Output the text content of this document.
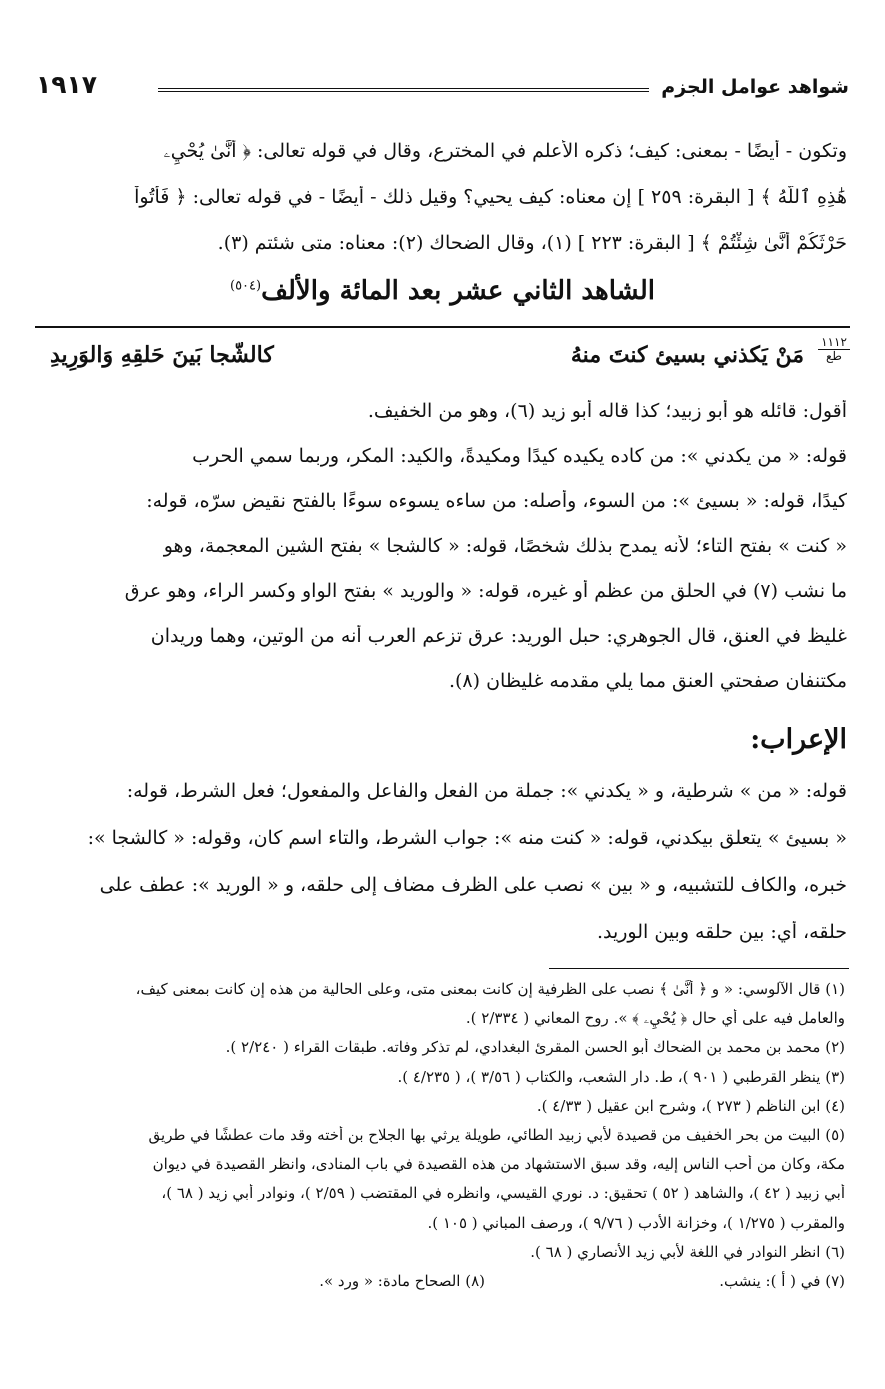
شواهد عوامل الجزم
١٩١٧
وتكون - أيضًا - بمعنى: كيف؛ ذكره الأعلم في المخترع، وقال في قوله تعالى: ﴿ أَنَّىٰ يُحْيِۦ
هَٰذِهِ ٱللَّهُ ﴾ [ البقرة: ٢٥٩ ] إن معناه: كيف يحيي؟ وقيل ذلك - أيضًا - في قوله تعالى: ﴿ فَأْتُواْ
حَرْثَكُمْ أَنَّىٰ شِئْتُمْ ﴾ [ البقرة: ٢٢٣ ] (١)، وقال الضحاك (٢): معناه: متى شئتم (٣).
الشاهد الثاني عشر بعد المائة والألف$^{(٥٠٤)}$
١١١٢
طع
مَنْ يَكذني بسيئ كنتَ منهُ
كالشّجا بَينَ حَلقِهِ وَالوَرِيدِ
أقول: قائله هو أبو زبيد؛ كذا قاله أبو زيد (٦)، وهو من الخفيف.
قوله: « من يكدني »: من كاده يكيده كيدًا ومكيدةً، والكيد: المكر، وربما سمي الحرب
كيدًا، قوله: « بسيئ »: من السوء، وأصله: من ساءه يسوءه سوءًا بالفتح نقيض سرّه، قوله:
« كنت » بفتح التاء؛ لأنه يمدح بذلك شخصًا، قوله: « كالشجا » بفتح الشين المعجمة، وهو
ما نشب (٧) في الحلق من عظم أو غيره، قوله: « والوريد » بفتح الواو وكسر الراء، وهو عرق
غليظ في العنق، قال الجوهري: حبل الوريد: عرق تزعم العرب أنه من الوتين، وهما وريدان
مكتنفان صفحتي العنق مما يلي مقدمه غليظان (٨).
الإعراب:
قوله: « من » شرطية، و « يكدني »: جملة من الفعل والفاعل والمفعول؛ فعل الشرط، قوله:
« بسيئ » يتعلق بيكدني، قوله: « كنت منه »: جواب الشرط، والتاء اسم كان، وقوله: « كالشجا »:
خبره، والكاف للتشبيه، و « بين » نصب على الظرف مضاف إلى حلقه، و « الوريد »: عطف على
حلقه، أي: بين حلقه وبين الوريد.
(١) قال الآلوسي: « و ﴿ أَنَّىٰ ﴾ نصب على الظرفية إن كانت بمعنى متى، وعلى الحالية من هذه إن كانت بمعنى كيف،
والعامل فيه على أي حال ﴿ يُحْيِۦ ﴾ ». روح المعاني ( ٢/٣٣٤ ).
(٢) محمد بن محمد بن الضحاك أبو الحسن المقرئ البغدادي، لم تذكر وفاته. طبقات القراء ( ٢/٢٤٠ ).
(٣) ينظر القرطبي ( ٩٠١ )، ط. دار الشعب، والكتاب ( ٣/٥٦ )، ( ٤/٢٣٥ ).
(٤) ابن الناظم ( ٢٧٣ )، وشرح ابن عقيل ( ٤/٣٣ ).
(٥) البيت من بحر الخفيف من قصيدة لأبي زبيد الطائي، طويلة يرثي بها الجلاح بن أخته وقد مات عطشًا في طريق
مكة، وكان من أحب الناس إليه، وقد سبق الاستشهاد من هذه القصيدة في باب المنادى، وانظر القصيدة في ديوان
أبي زبيد ( ٤٢ )، والشاهد ( ٥٢ ) تحقيق: د. نوري القيسي، وانظره في المقتضب ( ٢/٥٩ )، ونوادر أبي زيد ( ٦٨ )،
والمقرب ( ١/٢٧٥ )، وخزانة الأدب ( ٩/٧٦ )، ورصف المباني ( ١٠٥ ).
(٦) انظر النوادر في اللغة لأبي زيد الأنصاري ( ٦٨ ).
(٧) في ( أ ): ينشب.
(٨) الصحاح مادة: « ورد ».
